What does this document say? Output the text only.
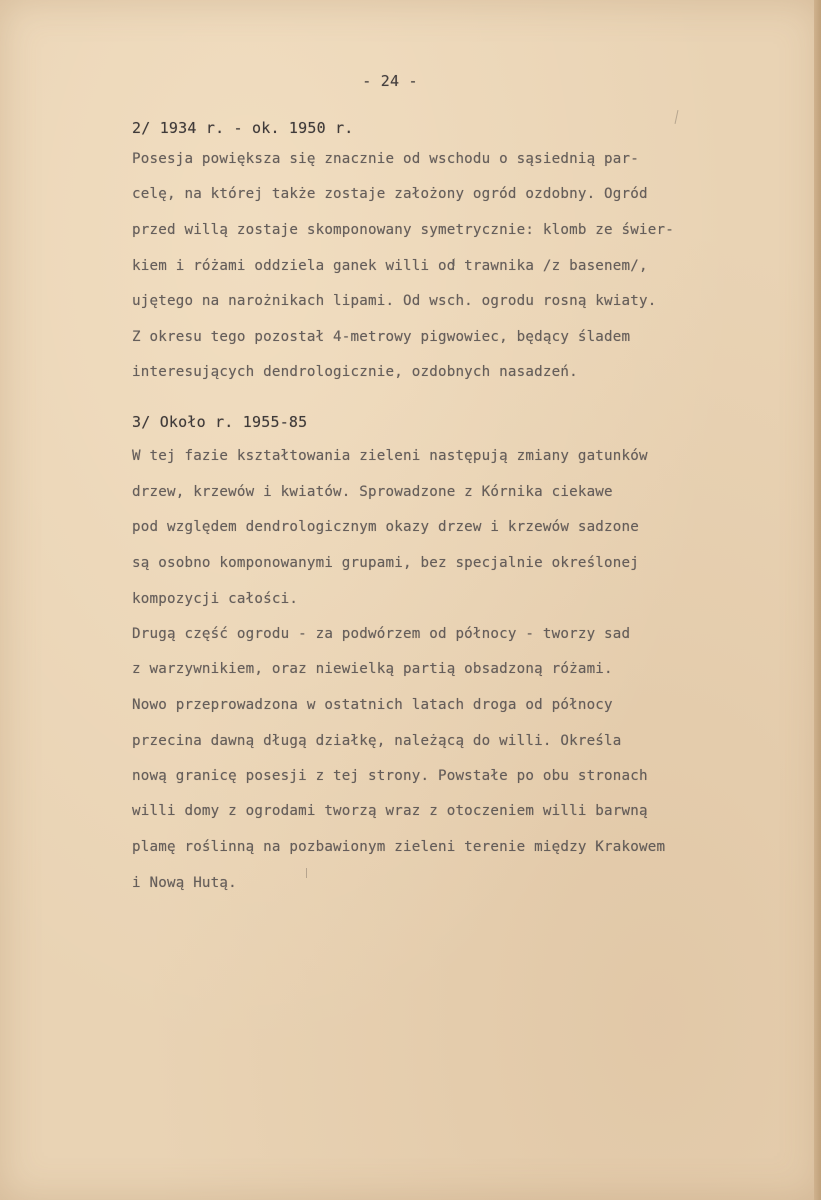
- 24 -
2/ 1934 r. - ok. 1950 r.
Posesja powiększa się znacznie od wschodu o sąsiednią par-
celę, na której także zostaje założony ogród ozdobny. Ogród
przed willą zostaje skomponowany symetrycznie: klomb ze świer-
kiem i różami oddziela ganek willi od trawnika /z basenem/,
ujętego na narożnikach lipami. Od wsch. ogrodu rosną kwiaty.
Z okresu tego pozostał 4-metrowy pigwowiec, będący śladem
interesujących dendrologicznie, ozdobnych nasadzeń.
3/ Około r. 1955-85
W tej fazie kształtowania zieleni następują zmiany gatunków
drzew, krzewów i kwiatów. Sprowadzone z Kórnika ciekawe
pod względem dendrologicznym okazy drzew i krzewów sadzone
są osobno komponowanymi grupami, bez specjalnie określonej
kompozycji całości.
Drugą część ogrodu - za podwórzem od północy - tworzy sad
z warzywnikiem, oraz niewielką partią obsadzoną różami.
Nowo przeprowadzona w ostatnich latach droga od północy
przecina dawną długą działkę, należącą do willi. Określa
nową granicę posesji z tej strony. Powstałe po obu stronach
willi domy z ogrodami tworzą wraz z otoczeniem willi barwną
plamę roślinną na pozbawionym zieleni terenie między Krakowem
i Nową Hutą.
